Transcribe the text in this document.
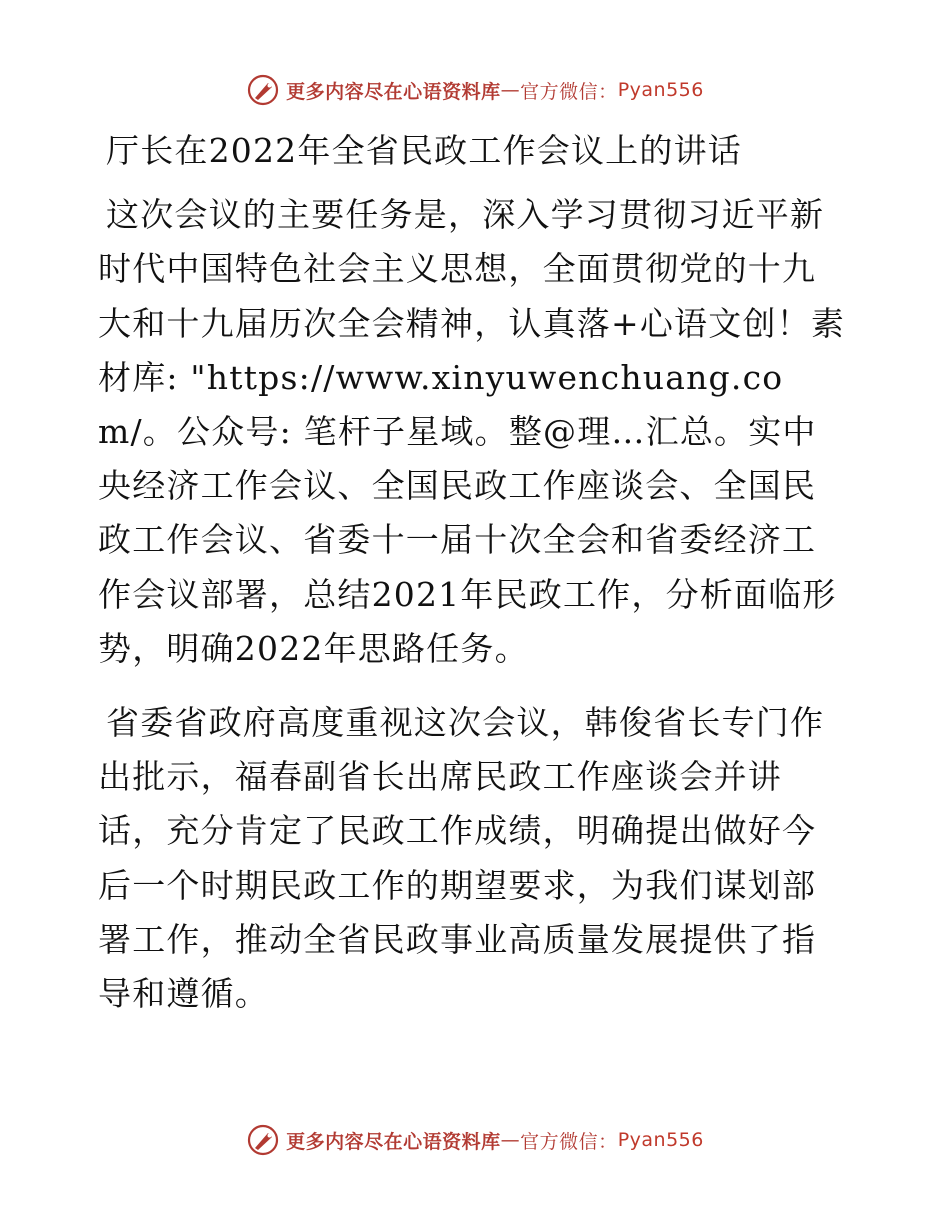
更多内容尽在心语资料库 — 官方微信： Pyan556
厅长在2022年全省民政工作会议上的讲话

这次会议的主要任务是，深入学习贯彻习近平新时代中国特色社会主义思想，全面贯彻党的十九大和十九届历次全会精神，认真落+心语文创！素材库: "https://www.xinyuwenchuang.com/。公众号: 笔杆子星域。整@理…汇总。实中央经济工作会议、全国民政工作座谈会、全国民政工作会议、省委十一届十次全会和省委经济工作会议部署，总结2021年民政工作，分析面临形势，明确2022年思路任务。

省委省政府高度重视这次会议，韩俊省长专门作出批示，福春副省长出席民政工作座谈会并讲话，充分肯定了民政工作成绩，明确提出做好今后一个时期民政工作的期望要求，为我们谋划部署工作，推动全省民政事业高质量发展提供了指导和遵循。

更多内容尽在心语资料库 — 官方微信： Pyan556
